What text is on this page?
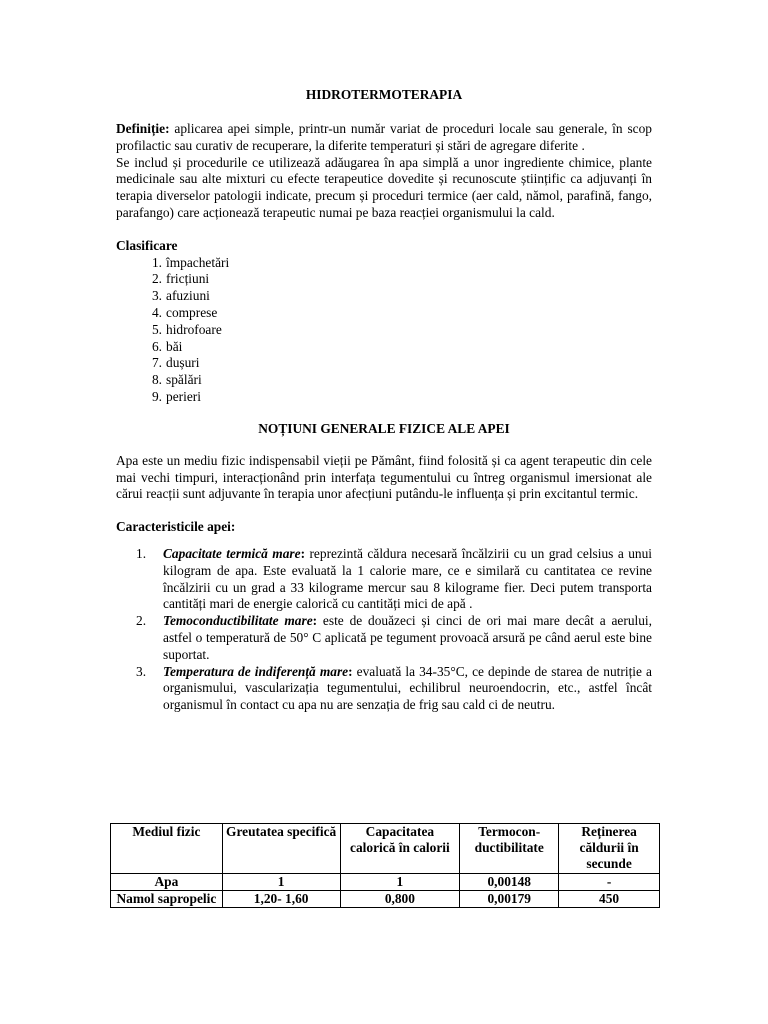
HIDROTERMOTERAPIA

Definiție: aplicarea apei simple, printr-un număr variat de proceduri locale sau generale, în scop profilactic sau curativ de recuperare, la diferite temperaturi și stări de agregare diferite .

Se includ și procedurile ce utilizează adăugarea în apa simplă a unor ingrediente chimice, plante medicinale sau alte mixturi cu efecte terapeutice dovedite și recunoscute științific ca adjuvanți în terapia diverselor patologii indicate, precum și proceduri termice (aer cald, nămol, parafină, fango, parafango) care acționează terapeutic numai pe baza reacției organismului la cald.

Clasificare

1. împachetări
2. fricțiuni
3. afuziuni
4. comprese
5. hidrofoare
6. băi
7. dușuri
8. spălări
9. perieri
NOȚIUNI GENERALE FIZICE ALE APEI

Apa este un mediu fizic indispensabil vieții pe Pământ, fiind folosită și ca agent terapeutic din cele mai vechi timpuri, interacționând prin interfața tegumentului cu întreg organismul imersionat ale cărui reacții sunt adjuvante în terapia unor afecțiuni putându-le influența și prin excitantul termic.

Caracteristicile apei:

1. Capacitate termică mare: reprezintă căldura necesară încălzirii cu un grad celsius a unui kilogram de apa. Este evaluată la 1 calorie mare, ce e similară cu cantitatea ce revine încălzirii cu un grad a 33 kilograme mercur sau 8 kilograme fier. Deci putem transporta cantități mari de energie calorică cu cantități mici de apă .
2. Temoconductibilitate mare: este de douăzeci și cinci de ori mai mare decât a aerului, astfel o temperatură de 50° C aplicată pe tegument provoacă arsură pe când aerul este bine suportat.
3. Temperatura de indiferență mare: evaluată la 34-35°C, ce depinde de starea de nutriție a organismului, vascularizația tegumentului, echilibrul neuroendocrin, etc., astfel încât organismul în contact cu apa nu are senzația de frig sau cald ci de neutru.
Mediul fizic	Greutatea specifică	Capacitatea calorică în calorii	Termocon-ductibilitate	Reținerea căldurii în secunde
Apa	1	1	0,00148	-
Namol sapropelic	1,20- 1,60	0,800	0,00179	450
